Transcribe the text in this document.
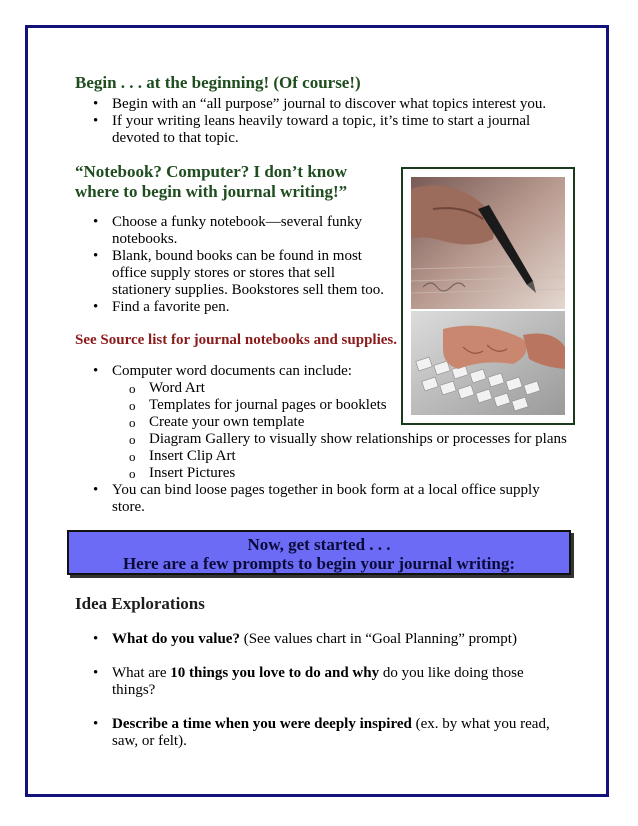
Begin . . . at the beginning! (Of course!)
• Begin with an “all purpose” journal to discover what topics interest you.
• If your writing leans heavily toward a topic, it’s time to start a journal devoted to that topic.
“Notebook? Computer? I don’t know
where to begin with journal writing!”
• Choose a funky notebook—several funky notebooks.
• Blank, bound books can be found in most office supply stores or stores that sell stationery supplies. Bookstores sell them too.
• Find a favorite pen.
See Source list for journal notebooks and supplies.
• Computer word documents can include:
o Word Art
o Templates for journal pages or booklets
o Create your own template
o Diagram Gallery to visually show relationships or processes for plans
o Insert Clip Art
o Insert Pictures
• You can bind loose pages together in book form at a local office supply store.
Now, get started . . .
Here are a few prompts to begin your journal writing:
Idea Explorations
• What do you value? (See values chart in “Goal Planning” prompt)
• What are 10 things you love to do and why do you like doing those things?
• Describe a time when you were deeply inspired (ex. by what you read, saw, or felt).
